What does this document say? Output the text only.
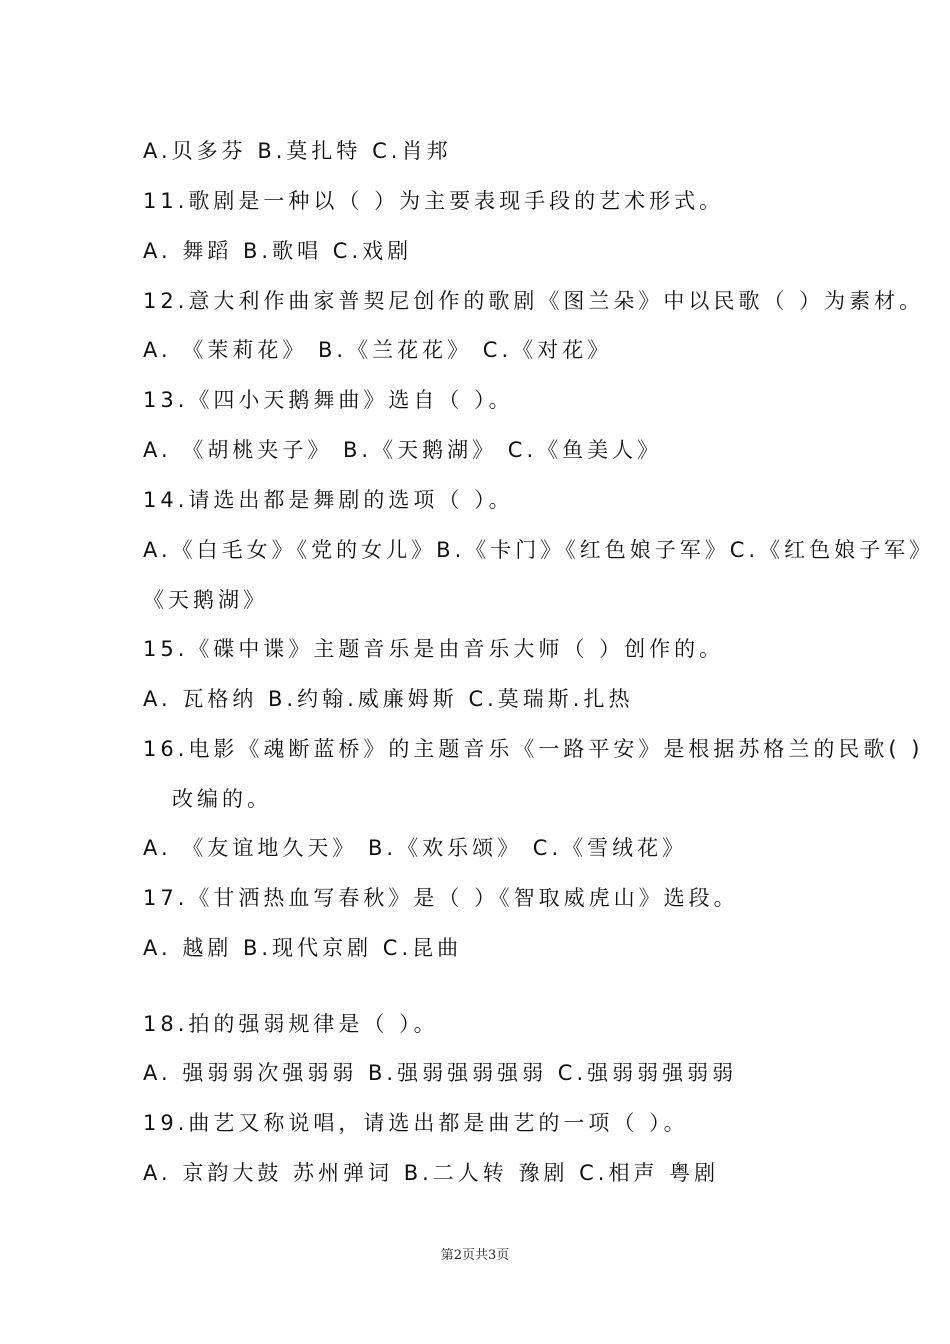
A.贝多芬 B.莫扎特 C.肖邦
11.歌剧是一种以（ ）为主要表现手段的艺术形式。
A. 舞蹈 B.歌唱 C.戏剧
12.意大利作曲家普契尼创作的歌剧《图兰朵》中以民歌（ ）为素材。
A. 《茉莉花》 B.《兰花花》 C.《对花》
13.《四小天鹅舞曲》选自（ ）。
A. 《胡桃夹子》 B.《天鹅湖》 C.《鱼美人》
14.请选出都是舞剧的选项（ ）。
A.《白毛女》《党的女儿》B.《卡门》《红色娘子军》C.《红色娘子军》
《天鹅湖》
15.《碟中谍》主题音乐是由音乐大师（ ）创作的。
A. 瓦格纳 B.约翰.威廉姆斯 C.莫瑞斯.扎热
16.电影《魂断蓝桥》的主题音乐《一路平安》是根据苏格兰的民歌( )
改编的。
A. 《友谊地久天》 B.《欢乐颂》 C.《雪绒花》
17.《甘洒热血写春秋》是（ ）《智取威虎山》选段。
A. 越剧 B.现代京剧 C.昆曲
18.拍的强弱规律是（ ）。
A. 强弱弱次强弱弱 B.强弱强弱强弱 C.强弱弱强弱弱
19.曲艺又称说唱，请选出都是曲艺的一项（ ）。
A. 京韵大鼓 苏州弹词 B.二人转 豫剧 C.相声 粤剧
第2页共3页
